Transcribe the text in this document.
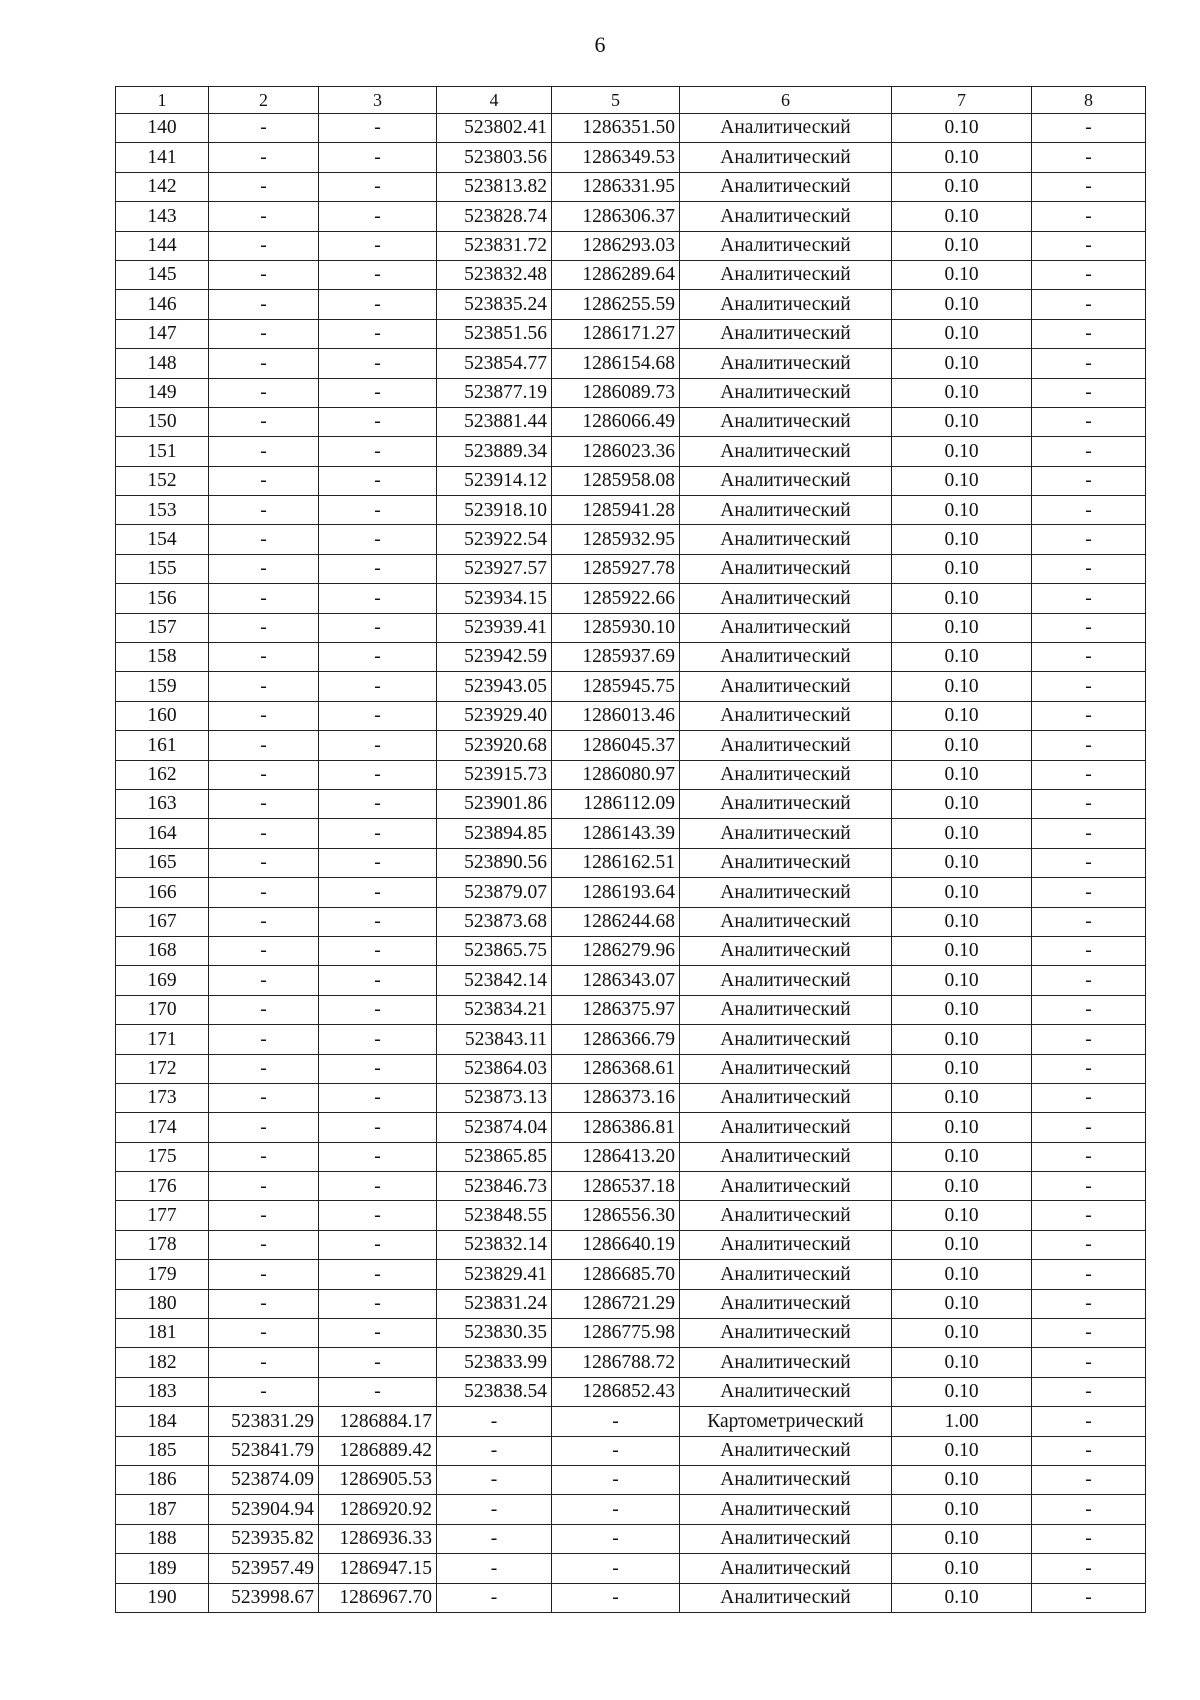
6
1	2	3	4	5	6	7	8
140	-	-	523802.41	1286351.50	Аналитический	0.10	-
141	-	-	523803.56	1286349.53	Аналитический	0.10	-
142	-	-	523813.82	1286331.95	Аналитический	0.10	-
143	-	-	523828.74	1286306.37	Аналитический	0.10	-
144	-	-	523831.72	1286293.03	Аналитический	0.10	-
145	-	-	523832.48	1286289.64	Аналитический	0.10	-
146	-	-	523835.24	1286255.59	Аналитический	0.10	-
147	-	-	523851.56	1286171.27	Аналитический	0.10	-
148	-	-	523854.77	1286154.68	Аналитический	0.10	-
149	-	-	523877.19	1286089.73	Аналитический	0.10	-
150	-	-	523881.44	1286066.49	Аналитический	0.10	-
151	-	-	523889.34	1286023.36	Аналитический	0.10	-
152	-	-	523914.12	1285958.08	Аналитический	0.10	-
153	-	-	523918.10	1285941.28	Аналитический	0.10	-
154	-	-	523922.54	1285932.95	Аналитический	0.10	-
155	-	-	523927.57	1285927.78	Аналитический	0.10	-
156	-	-	523934.15	1285922.66	Аналитический	0.10	-
157	-	-	523939.41	1285930.10	Аналитический	0.10	-
158	-	-	523942.59	1285937.69	Аналитический	0.10	-
159	-	-	523943.05	1285945.75	Аналитический	0.10	-
160	-	-	523929.40	1286013.46	Аналитический	0.10	-
161	-	-	523920.68	1286045.37	Аналитический	0.10	-
162	-	-	523915.73	1286080.97	Аналитический	0.10	-
163	-	-	523901.86	1286112.09	Аналитический	0.10	-
164	-	-	523894.85	1286143.39	Аналитический	0.10	-
165	-	-	523890.56	1286162.51	Аналитический	0.10	-
166	-	-	523879.07	1286193.64	Аналитический	0.10	-
167	-	-	523873.68	1286244.68	Аналитический	0.10	-
168	-	-	523865.75	1286279.96	Аналитический	0.10	-
169	-	-	523842.14	1286343.07	Аналитический	0.10	-
170	-	-	523834.21	1286375.97	Аналитический	0.10	-
171	-	-	523843.11	1286366.79	Аналитический	0.10	-
172	-	-	523864.03	1286368.61	Аналитический	0.10	-
173	-	-	523873.13	1286373.16	Аналитический	0.10	-
174	-	-	523874.04	1286386.81	Аналитический	0.10	-
175	-	-	523865.85	1286413.20	Аналитический	0.10	-
176	-	-	523846.73	1286537.18	Аналитический	0.10	-
177	-	-	523848.55	1286556.30	Аналитический	0.10	-
178	-	-	523832.14	1286640.19	Аналитический	0.10	-
179	-	-	523829.41	1286685.70	Аналитический	0.10	-
180	-	-	523831.24	1286721.29	Аналитический	0.10	-
181	-	-	523830.35	1286775.98	Аналитический	0.10	-
182	-	-	523833.99	1286788.72	Аналитический	0.10	-
183	-	-	523838.54	1286852.43	Аналитический	0.10	-
184	523831.29	1286884.17	-	-	Картометрический	1.00	-
185	523841.79	1286889.42	-	-	Аналитический	0.10	-
186	523874.09	1286905.53	-	-	Аналитический	0.10	-
187	523904.94	1286920.92	-	-	Аналитический	0.10	-
188	523935.82	1286936.33	-	-	Аналитический	0.10	-
189	523957.49	1286947.15	-	-	Аналитический	0.10	-
190	523998.67	1286967.70	-	-	Аналитический	0.10	-
